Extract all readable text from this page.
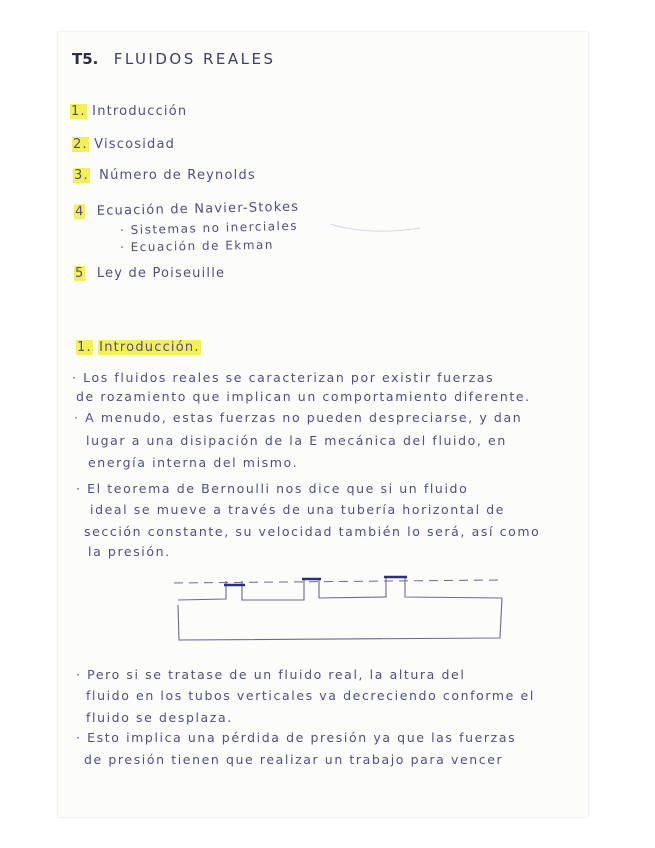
T5. FLUIDOS REALES
1. Introducción
2. Viscosidad
3. Número de Reynolds
4 Ecuación de Navier-Stokes
· Sistemas no inerciales
· Ecuación de Ekman
5 Ley de Poiseuille
1. Introducción.
· Los fluidos reales se caracterizan por existir fuerzas
de rozamiento que implican un comportamiento diferente.
· A menudo, estas fuerzas no pueden despreciarse, y dan
lugar a una disipación de la E mecánica del fluido, en
energía interna del mismo.
· El teorema de Bernoulli nos dice que si un fluido
ideal se mueve a través de una tubería horizontal de
sección constante, su velocidad también lo será, así como
la presión.
· Pero si se tratase de un fluido real, la altura del
fluido en los tubos verticales va decreciendo conforme el
fluido se desplaza.
· Esto implica una pérdida de presión ya que las fuerzas
de presión tienen que realizar un trabajo para vencer
